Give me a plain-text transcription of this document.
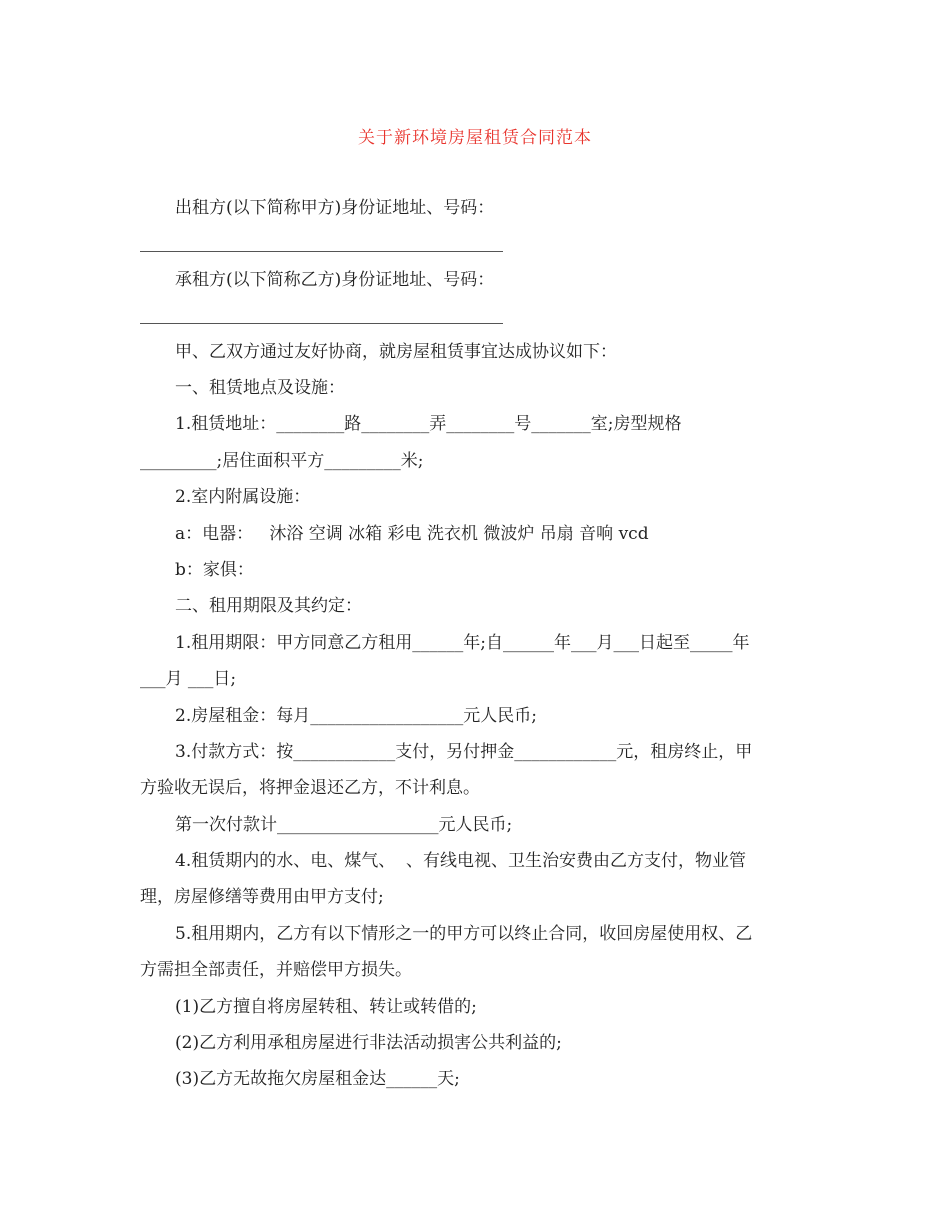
关于新环境房屋租赁合同范本
出租方(以下简称甲方)身份证地址、号码：
承租方(以下简称乙方)身份证地址、号码：
甲、乙双方通过友好协商，就房屋租赁事宜达成协议如下：
一、租赁地点及设施：
1.租赁地址：________路________弄________号_______室;房型规格
_________;居住面积平方_________米;
2.室内附属设施：
a：电器：   沐浴 空调 冰箱 彩电 洗衣机 微波炉 吊扇 音响 vcd
b：家俱：
二、租用期限及其约定：
1.租用期限：甲方同意乙方租用______年;自______年___月___日起至_____年
___月 ___日;
2.房屋租金：每月__________________元人民币;
3.付款方式：按____________支付，另付押金____________元，租房终止，甲
方验收无误后，将押金退还乙方，不计利息。
第一次付款计___________________元人民币;
4.租赁期内的水、电、煤气、  、有线电视、卫生治安费由乙方支付，物业管
理，房屋修缮等费用由甲方支付;
5.租用期内，乙方有以下情形之一的甲方可以终止合同，收回房屋使用权、乙
方需担全部责任，并赔偿甲方损失。
(1)乙方擅自将房屋转租、转让或转借的;
(2)乙方利用承租房屋进行非法活动损害公共利益的;
(3)乙方无故拖欠房屋租金达______天;
